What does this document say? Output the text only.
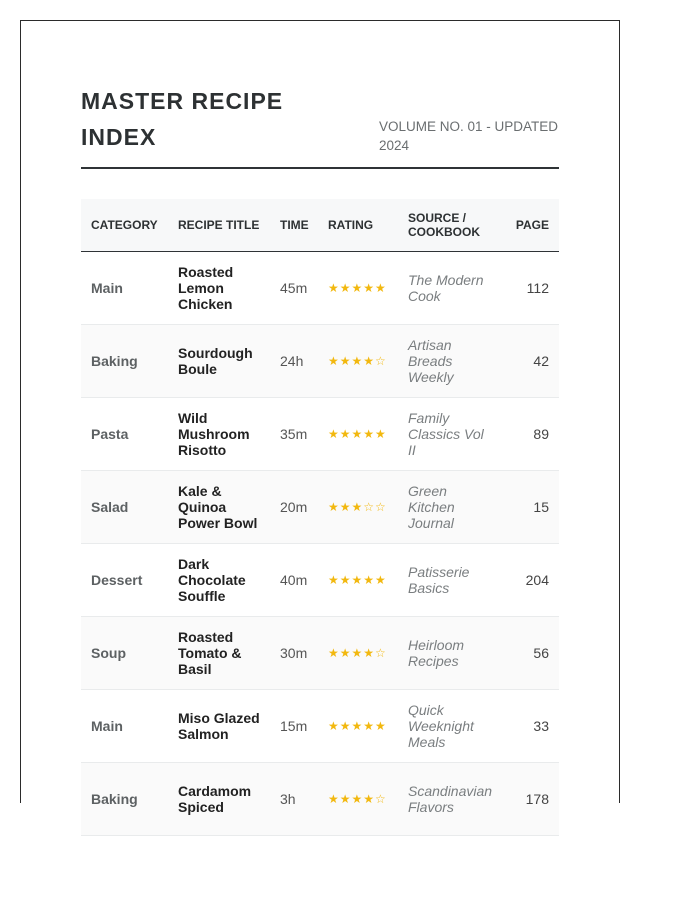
MASTER RECIPE INDEX	VOLUME NO. 01 - UPDATED 2024
CATEGORY	RECIPE TITLE	TIME	RATING	SOURCE / COOKBOOK	PAGE
Main	Roasted Lemon Chicken	45m	★★★★★	The Modern Cook	112
Baking	Sourdough Boule	24h	★★★★☆	Artisan Breads Weekly	42
Pasta	Wild Mushroom Risotto	35m	★★★★★	Family Classics Vol II	89
Salad	Kale & Quinoa Power Bowl	20m	★★★☆☆	Green Kitchen Journal	15
Dessert	Dark Chocolate Souffle	40m	★★★★★	Patisserie Basics	204
Soup	Roasted Tomato & Basil	30m	★★★★☆	Heirloom Recipes	56
Main	Miso Glazed Salmon	15m	★★★★★	Quick Weeknight Meals	33
Baking	Cardamom Spiced	3h	★★★★☆	Scandinavian Flavors	178
